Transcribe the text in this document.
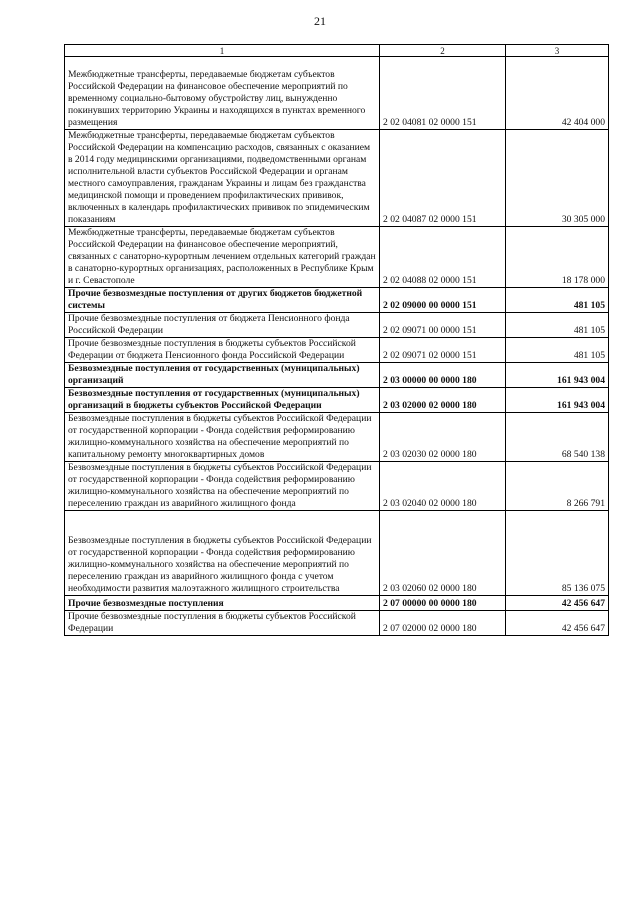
21
1	2	3

Межбюджетные трансферты, передаваемые бюджетам субъектов Российской Федерации на финансовое обеспечение мероприятий по временному социально-бытовому обустройству лиц, вынужденно покинувших территорию Украины и находящихся в пунктах временного размещения	2 02 04081 02 0000 151	42 404 000
Межбюджетные трансферты, передаваемые бюджетам субъектов Российской Федерации на компенсацию расходов, связанных с оказанием в 2014 году медицинскими организациями, подведомственными органам исполнительной власти субъектов Российской Федерации и органам местного самоуправления, гражданам Украины и лицам без гражданства медицинской помощи и проведением профилактических прививок, включенных в календарь профилактических прививок по эпидемическим показаниям	2 02 04087 02 0000 151	30 305 000
Межбюджетные трансферты, передаваемые бюджетам субъектов Российской Федерации на финансовое обеспечение мероприятий, связанных с санаторно-курортным лечением отдельных категорий граждан в санаторно-курортных организациях, расположенных в Республике Крым и г. Севастополе	2 02 04088 02 0000 151	18 178 000
Прочие безвозмездные поступления от других бюджетов бюджетной системы	2 02 09000 00 0000 151	481 105
Прочие безвозмездные поступления от бюджета Пенсионного фонда Российской Федерации	2 02 09071 00 0000 151	481 105
Прочие безвозмездные поступления в бюджеты субъектов Российской Федерации от бюджета Пенсионного фонда Российской Федерации	2 02 09071 02 0000 151	481 105
Безвозмездные поступления от государственных (муниципальных) организаций	2 03 00000 00 0000 180	161 943 004
Безвозмездные поступления от государственных (муниципальных) организаций в бюджеты субъектов Российской Федерации	2 03 02000 02 0000 180	161 943 004
Безвозмездные поступления в бюджеты субъектов Российской Федерации от государственной корпорации - Фонда содействия реформированию жилищно-коммунального хозяйства на обеспечение мероприятий по капитальному ремонту многоквартирных домов	2 03 02030 02 0000 180	68 540 138
Безвозмездные поступления в бюджеты субъектов Российской Федерации от государственной корпорации - Фонда содействия реформированию жилищно-коммунального хозяйства на обеспечение мероприятий по переселению граждан из аварийного жилищного фонда	2 03 02040 02 0000 180	8 266 791

Безвозмездные поступления в бюджеты субъектов Российской Федерации от государственной корпорации - Фонда содействия реформированию жилищно-коммунального хозяйства на обеспечение мероприятий по переселению граждан из аварийного жилищного фонда с учетом необходимости развития малоэтажного жилищного строительства	2 03 02060 02 0000 180	85 136 075
Прочие безвозмездные поступления	2 07 00000 00 0000 180	42 456 647
Прочие безвозмездные поступления в бюджеты субъектов Российской Федерации	2 07 02000 02 0000 180	42 456 647
